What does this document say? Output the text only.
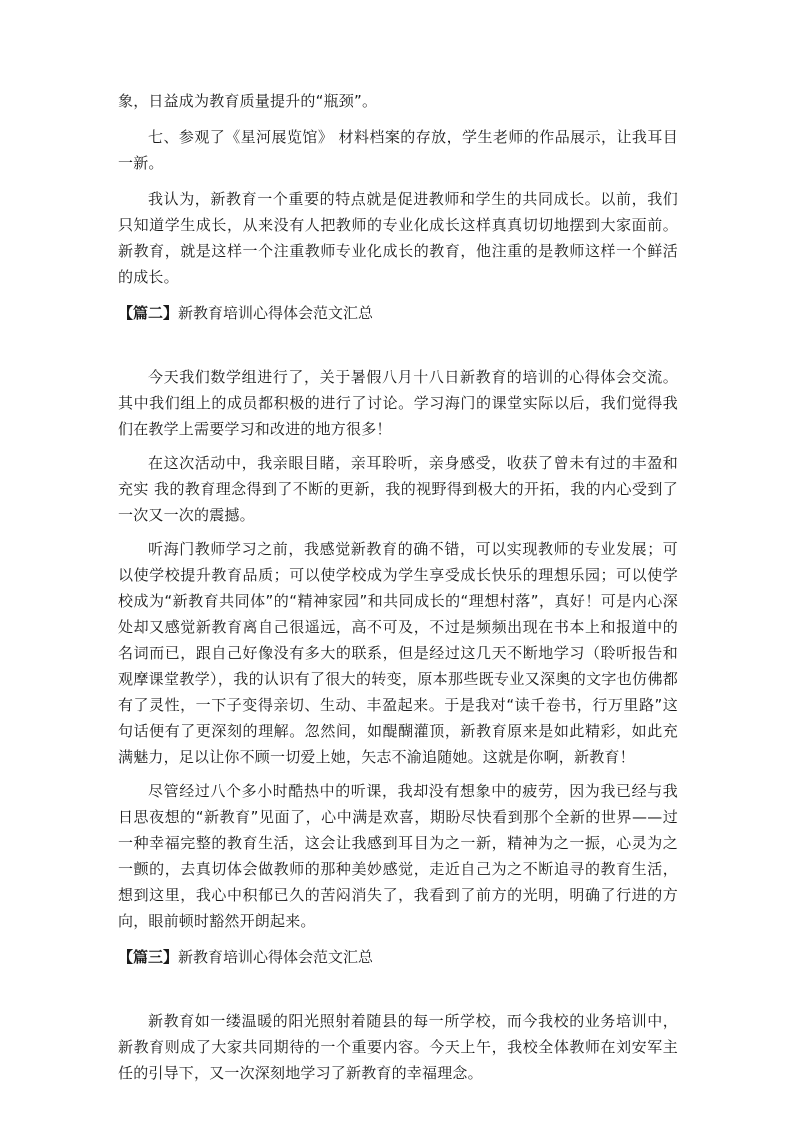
象，日益成为教育质量提升的“瓶颈”。

七、参观了《星河展览馆》 材料档案的存放，学生老师的作品展示，让我耳目一新。

我认为，新教育一个重要的特点就是促进教师和学生的共同成长。以前，我们只知道学生成长，从来没有人把教师的专业化成长这样真真切切地摆到大家面前。新教育，就是这样一个注重教师专业化成长的教育，他注重的是教师这样一个鲜活的成长。

【篇二】新教育培训心得体会范文汇总

今天我们数学组进行了，关于暑假八月十八日新教育的培训的心得体会交流。其中我们组上的成员都积极的进行了讨论。学习海门的课堂实际以后，我们觉得我们在教学上需要学习和改进的地方很多！

在这次活动中，我亲眼目睹，亲耳聆听，亲身感受，收获了曾未有过的丰盈和充实 我的教育理念得到了不断的更新，我的视野得到极大的开拓，我的内心受到了一次又一次的震撼。

听海门教师学习之前，我感觉新教育的确不错，可以实现教师的专业发展；可以使学校提升教育品质；可以使学校成为学生享受成长快乐的理想乐园；可以使学校成为“新教育共同体”的“精神家园”和共同成长的“理想村落”，真好！可是内心深处却又感觉新教育离自己很遥远，高不可及，不过是频频出现在书本上和报道中的名词而已，跟自己好像没有多大的联系，但是经过这几天不断地学习（聆听报告和观摩课堂教学），我的认识有了很大的转变，原本那些既专业又深奥的文字也仿佛都有了灵性，一下子变得亲切、生动、丰盈起来。于是我对“读千卷书，行万里路”这句话便有了更深刻的理解。忽然间，如醍醐灌顶，新教育原来是如此精彩，如此充满魅力，足以让你不顾一切爱上她，矢志不渝追随她。这就是你啊，新教育！

尽管经过八个多小时酷热中的听课，我却没有想象中的疲劳，因为我已经与我日思夜想的“新教育”见面了，心中满是欢喜，期盼尽快看到那个全新的世界——过一种幸福完整的教育生活，这会让我感到耳目为之一新，精神为之一振，心灵为之一颤的，去真切体会做教师的那种美妙感觉，走近自己为之不断追寻的教育生活，想到这里，我心中积郁已久的苦闷消失了，我看到了前方的光明，明确了行进的方向，眼前顿时豁然开朗起来。

【篇三】新教育培训心得体会范文汇总

新教育如一缕温暖的阳光照射着随县的每一所学校，而今我校的业务培训中，新教育则成了大家共同期待的一个重要内容。今天上午，我校全体教师在刘安军主任的引导下，又一次深刻地学习了新教育的幸福理念。
